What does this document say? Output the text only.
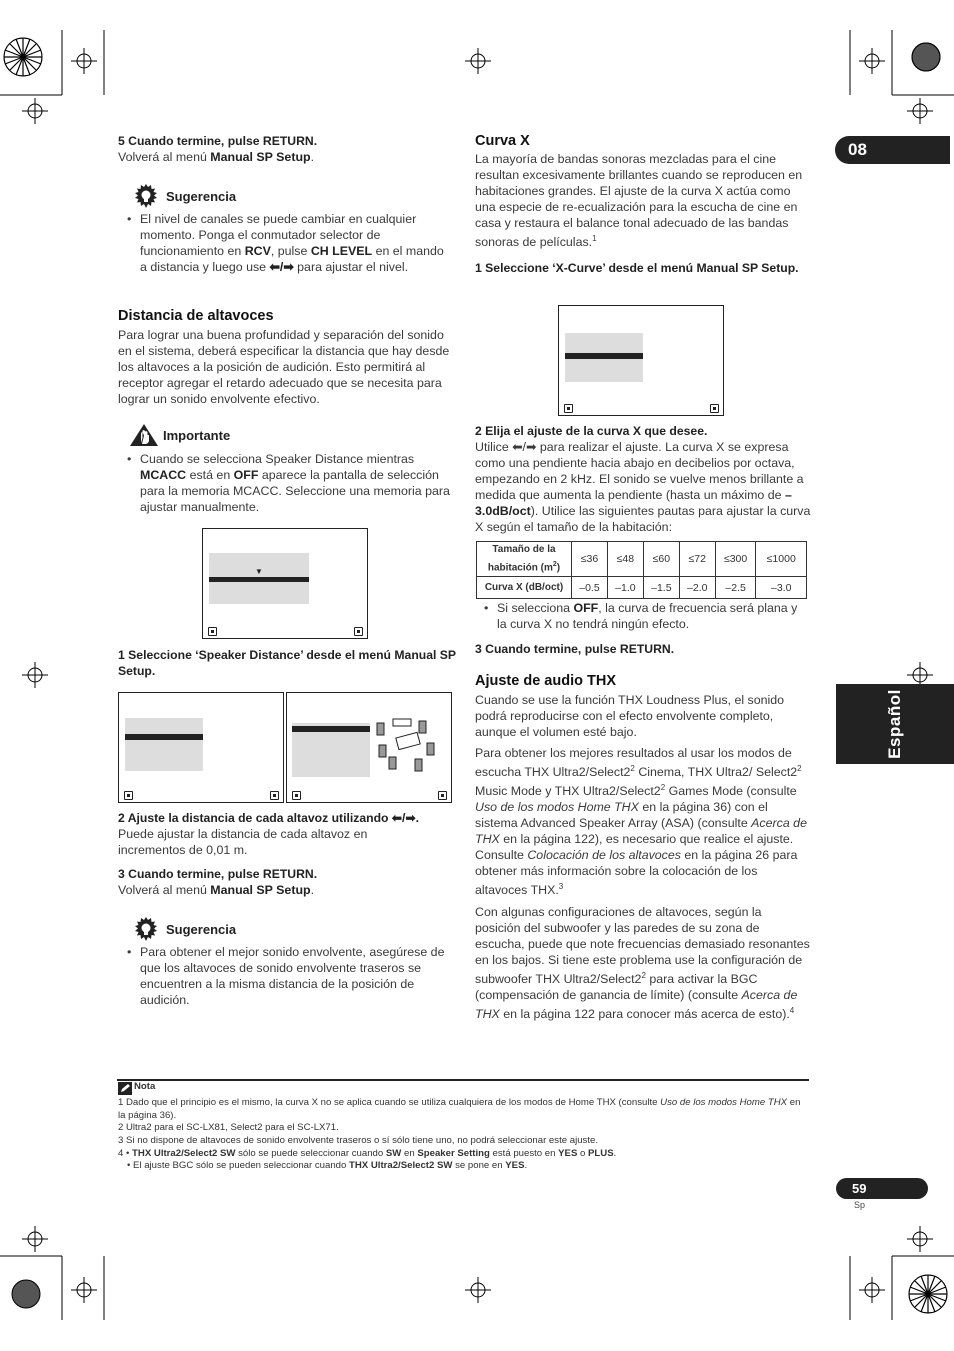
08
Español
5 Cuando termine, pulse RETURN.
Volverá al menú Manual SP Setup.
Sugerencia
• El nivel de canales se puede cambiar en cualquier momento. Ponga el conmutador selector de funcionamiento en RCV, pulse CH LEVEL en el mando a distancia y luego use ⬅/➡ para ajustar el nivel.
Distancia de altavoces
Para lograr una buena profundidad y separación del sonido en el sistema, deberá especificar la distancia que hay desde los altavoces a la posición de audición. Esto permitirá al receptor agregar el retardo adecuado que se necesita para lograr un sonido envolvente efectivo.
Importante
• Cuando se selecciona Speaker Distance mientras MCACC está en OFF aparece la pantalla de selección para la memoria MCACC. Seleccione una memoria para ajustar manualmente.
▼
1 Seleccione ‘Speaker Distance’ desde el menú Manual SP Setup.
2 Ajuste la distancia de cada altavoz utilizando ⬅/➡.
Puede ajustar la distancia de cada altavoz en incrementos de 0,01 m.
3 Cuando termine, pulse RETURN.
Volverá al menú Manual SP Setup.
Sugerencia
• Para obtener el mejor sonido envolvente, asegúrese de que los altavoces de sonido envolvente traseros se encuentren a la misma distancia de la posición de audición.
Curva X
La mayoría de bandas sonoras mezcladas para el cine resultan excesivamente brillantes cuando se reproducen en habitaciones grandes. El ajuste de la curva X actúa como una especie de re-ecualización para la escucha de cine en casa y restaura el balance tonal adecuado de las bandas sonoras de películas.$^1$
1 Seleccione ‘X-Curve’ desde el menú Manual SP Setup.
2 Elija el ajuste de la curva X que desee.
Utilice ⬅/➡ para realizar el ajuste. La curva X se expresa como una pendiente hacia abajo en decibelios por octava, empezando en 2 kHz. El sonido se vuelve menos brillante a medida que aumenta la pendiente (hasta un máximo de –3.0dB/oct). Utilice las siguientes pautas para ajustar la curva X según el tamaño de la habitación:
Tamaño de la habitación $(m^2)$	≤36	≤48	≤60	≤72	≤300	≤1000
Curva X (dB/oct)	–0.5	–1.0	–1.5	–2.0	–2.5	–3.0
• Si selecciona OFF, la curva de frecuencia será plana y la curva X no tendrá ningún efecto.
3 Cuando termine, pulse RETURN.
Ajuste de audio THX
Cuando se use la función THX Loudness Plus, el sonido podrá reproducirse con el efecto envolvente completo, aunque el volumen esté bajo.
Para obtener los mejores resultados al usar los modos de escucha THX $Ultra2/Select2^2$ Cinema, THX Ultra2/ $Select2^2$ Music Mode y THX $Ultra2/Select2^2$ Games Mode (consulte Uso de los modos Home THX en la página 36) con el sistema Advanced Speaker Array (ASA) (consulte Acerca de THX en la página 122), es necesario que realice el ajuste. Consulte Colocación de los altavoces en la página 26 para obtener más información sobre la colocación de los altavoces THX.$^3$
Con algunas configuraciones de altavoces, según la posición del subwoofer y las paredes de su zona de escucha, puede que note frecuencias demasiado resonantes en los bajos. Si tiene este problema use la configuración de subwoofer THX $Ultra2/Select2^2$ para activar la BGC (compensación de ganancia de límite) (consulte Acerca de THX en la página 122 para conocer más acerca de esto).$^4$
Nota
1 Dado que el principio es el mismo, la curva X no se aplica cuando se utiliza cualquiera de los modos de Home THX (consulte Uso de los modos Home THX en la página 36).
2 Ultra2 para el SC-LX81, Select2 para el SC-LX71.
3 Si no dispone de altavoces de sonido envolvente traseros o sí sólo tiene uno, no podrá seleccionar este ajuste.
4 • THX Ultra2/Select2 SW sólo se puede seleccionar cuando SW en Speaker Setting está puesto en YES o PLUS.
• El ajuste BGC sólo se pueden seleccionar cuando THX Ultra2/Select2 SW se pone en YES.
59
Sp
